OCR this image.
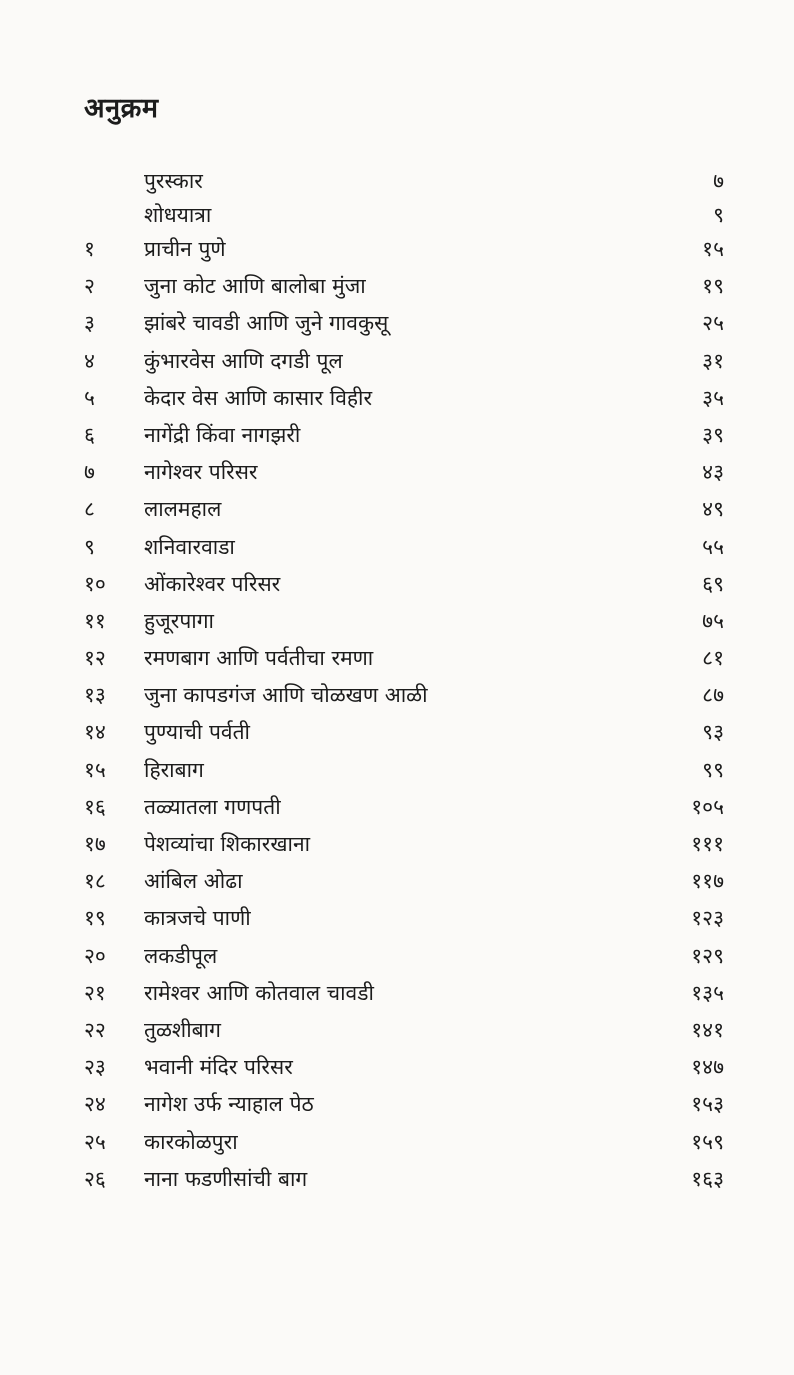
अनुक्रम
पुरस्कार	७
शोधयात्रा	९
१	प्राचीन पुणे	१५
२	जुना कोट आणि बालोबा मुंजा	१९
३	झांबरे चावडी आणि जुने गावकुसू	२५
४	कुंभारवेस आणि दगडी पूल	३१
५	केदार वेस आणि कासार विहीर	३५
६	नागेंद्री किंवा नागझरी	३९
७	नागेश्वर परिसर	४३
८	लालमहाल	४९
९	शनिवारवाडा	५५
१०	ओंकारेश्वर परिसर	६९
११	हुजूरपागा	७५
१२	रमणबाग आणि पर्वतीचा रमणा	८१
१३	जुना कापडगंज आणि चोळखण आळी	८७
१४	पुण्याची पर्वती	९३
१५	हिराबाग	९९
१६	तळ्यातला गणपती	१०५
१७	पेशव्यांचा शिकारखाना	१११
१८	आंबिल ओढा	११७
१९	कात्रजचे पाणी	१२३
२०	लकडीपूल	१२९
२१	रामेश्वर आणि कोतवाल चावडी	१३५
२२	तुळशीबाग	१४१
२३	भवानी मंदिर परिसर	१४७
२४	नागेश उर्फ न्याहाल पेठ	१५३
२५	कारकोळपुरा	१५९
२६	नाना फडणीसांची बाग	१६३
